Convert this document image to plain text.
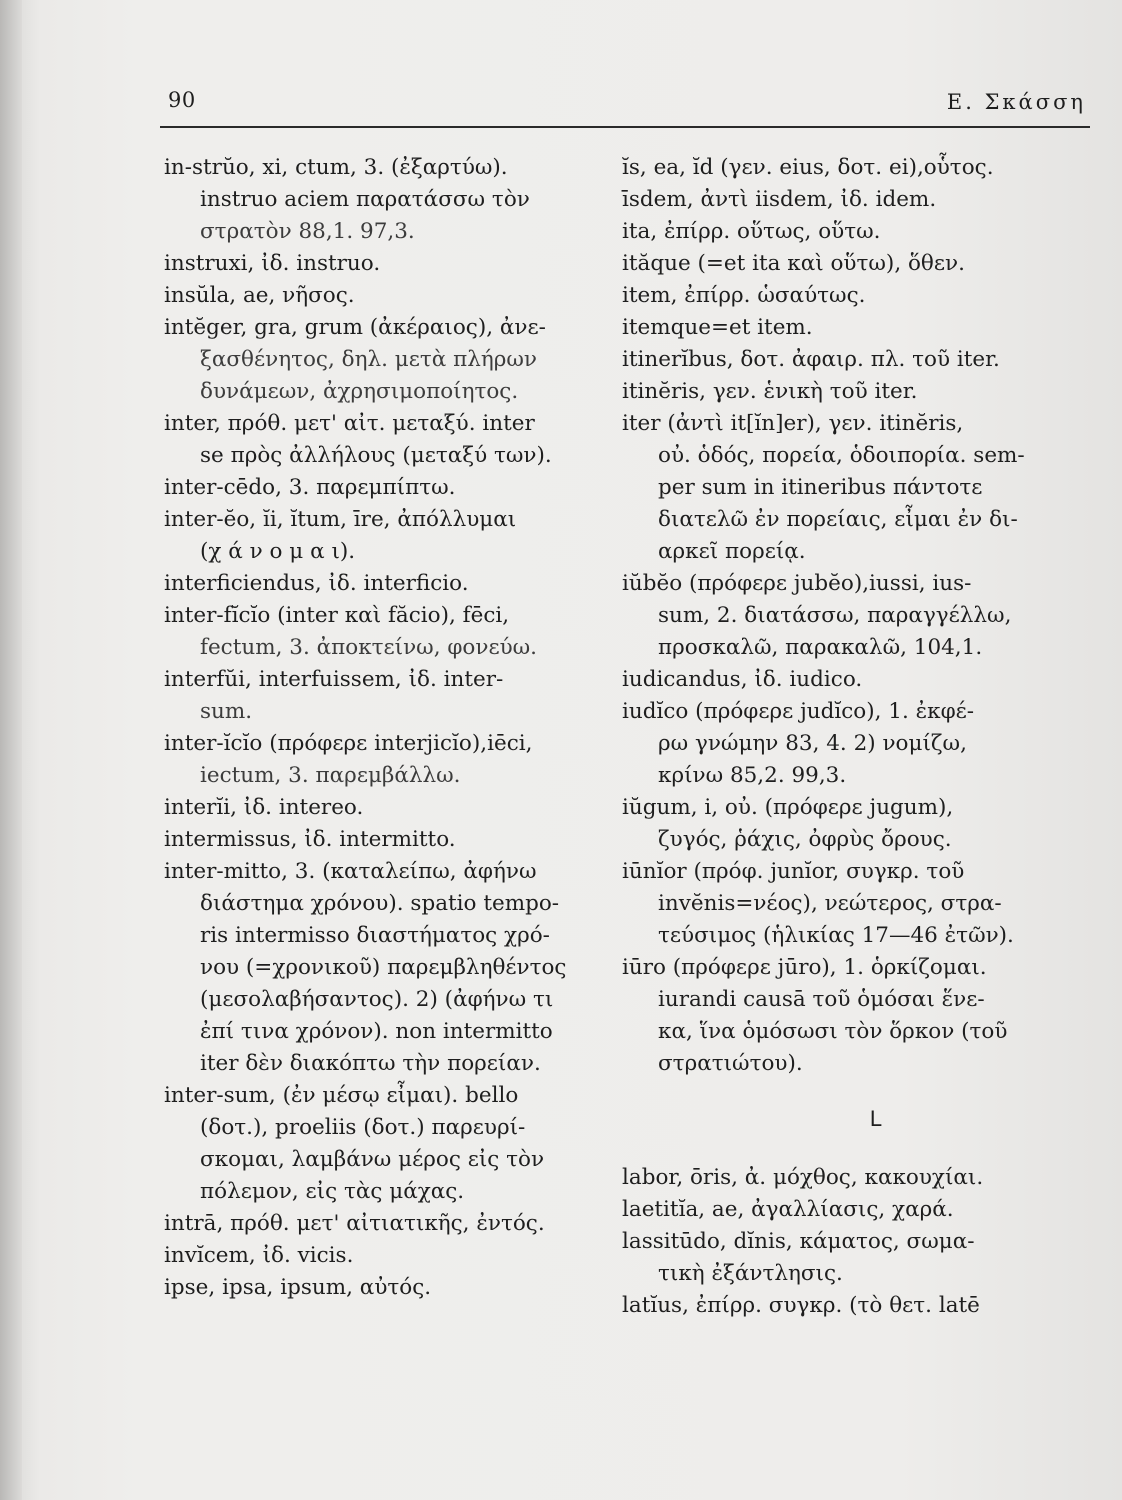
90	Ε. Σκάσση
in-strŭo, xi, ctum, 3. (ἐξαρτύω).
instruo aciem παρατάσσω τὸν
στρατὸν 88,1. 97,3.
instruxi, ἰδ. instruo.
insŭla, ae, νῆσος.
intĕger, gra, grum (ἀκέραιος), ἀνε-
ξασθένητος, δηλ. μετὰ πλήρων
δυνάμεων, ἀχρησιμοποίητος.
inter, πρόθ. μετ' αἰτ. μεταξύ. inter
se πρὸς ἀλλήλους (μεταξύ των).
inter-cēdo, 3. παρεμπίπτω.
inter-ĕo, ĭi, ĭtum, īre, ἀπόλλυμαι
(χ ά ν ο μ α ι).
interficiendus, ἰδ. interficio.
inter-fĭcĭo (inter καὶ făcio), fēci,
fectum, 3. ἀποκτείνω, φονεύω.
interfŭi, interfuissem, ἰδ. inter-
sum.
inter-ĭcĭo (πρόφερε interjicĭo),iēci,
iectum, 3. παρεμβάλλω.
interĭi, ἰδ. intereo.
intermissus, ἰδ. intermitto.
inter-mitto, 3. (καταλείπω, ἀφήνω
διάστημα χρόνου). spatio tempo-
ris intermisso διαστήματος χρό-
νου (=χρονικοῦ) παρεμβληθέντος
(μεσολαβήσαντος). 2) (ἀφήνω τι
ἐπί τινα χρόνον). non intermitto
iter δὲν διακόπτω τὴν πορείαν.
inter-sum, (ἐν μέσῳ εἶμαι). bello
(δοτ.), proeliis (δοτ.) παρευρί-
σκομαι, λαμβάνω μέρος εἰς τὸν
πόλεμον, εἰς τὰς μάχας.
intrā, πρόθ. μετ' αἰτιατικῆς, ἐντός.
invĭcem, ἰδ. vicis.
ipse, ipsa, ipsum, αὐτός.
ĭs, ea, ĭd (γεν. eius, δοτ. ei),οὗτος.
īsdem, ἀντὶ iisdem, ἰδ. idem.
ita, ἐπίρρ. οὕτως, οὕτω.
ităque (=et ita καὶ οὕτω), ὅθεν.
item, ἐπίρρ. ὡσαύτως.
itemque=et item.
itinerĭbus, δοτ. ἀφαιρ. πλ. τοῦ iter.
itinĕris, γεν. ἑνικὴ τοῦ iter.
iter (ἀντὶ it[ĭn]er), γεν. itinĕris,
οὐ. ὁδός, πορεία, ὁδοιπορία. sem-
per sum in itineribus πάντοτε
διατελῶ ἐν πορείαις, εἶμαι ἐν δι-
αρκεῖ πορείᾳ.
iŭbĕo (πρόφερε jubĕo),iussi, ius-
sum, 2. διατάσσω, παραγγέλλω,
προσκαλῶ, παρακαλῶ, 104,1.
iudicandus, ἰδ. iudico.
iudĭco (πρόφερε judĭco), 1. ἐκφέ-
ρω γνώμην 83, 4. 2) νομίζω,
κρίνω 85,2. 99,3.
iŭgum, i, οὐ. (πρόφερε jugum),
ζυγός, ῥάχις, ὀφρὺς ὄρους.
iūnĭor (πρόφ. junĭor, συγκρ. τοῦ
invĕnis=νέος), νεώτερος, στρα-
τεύσιμος (ἡλικίας 17—46 ἐτῶν).
iūro (πρόφερε jūro), 1. ὁρκίζομαι.
iurandi causā τοῦ ὁμόσαι ἕνε-
κα, ἵνα ὁμόσωσι τὸν ὅρκον (τοῦ
στρατιώτου).
L
labor, ōris, ἀ. μόχθος, κακουχίαι.
laetitĭa, ae, ἀγαλλίασις, χαρά.
lassitūdo, dĭnis, κάματος, σωμα-
τικὴ ἐξάντλησις.
latĭus, ἐπίρρ. συγκρ. (τὸ θετ. latē
